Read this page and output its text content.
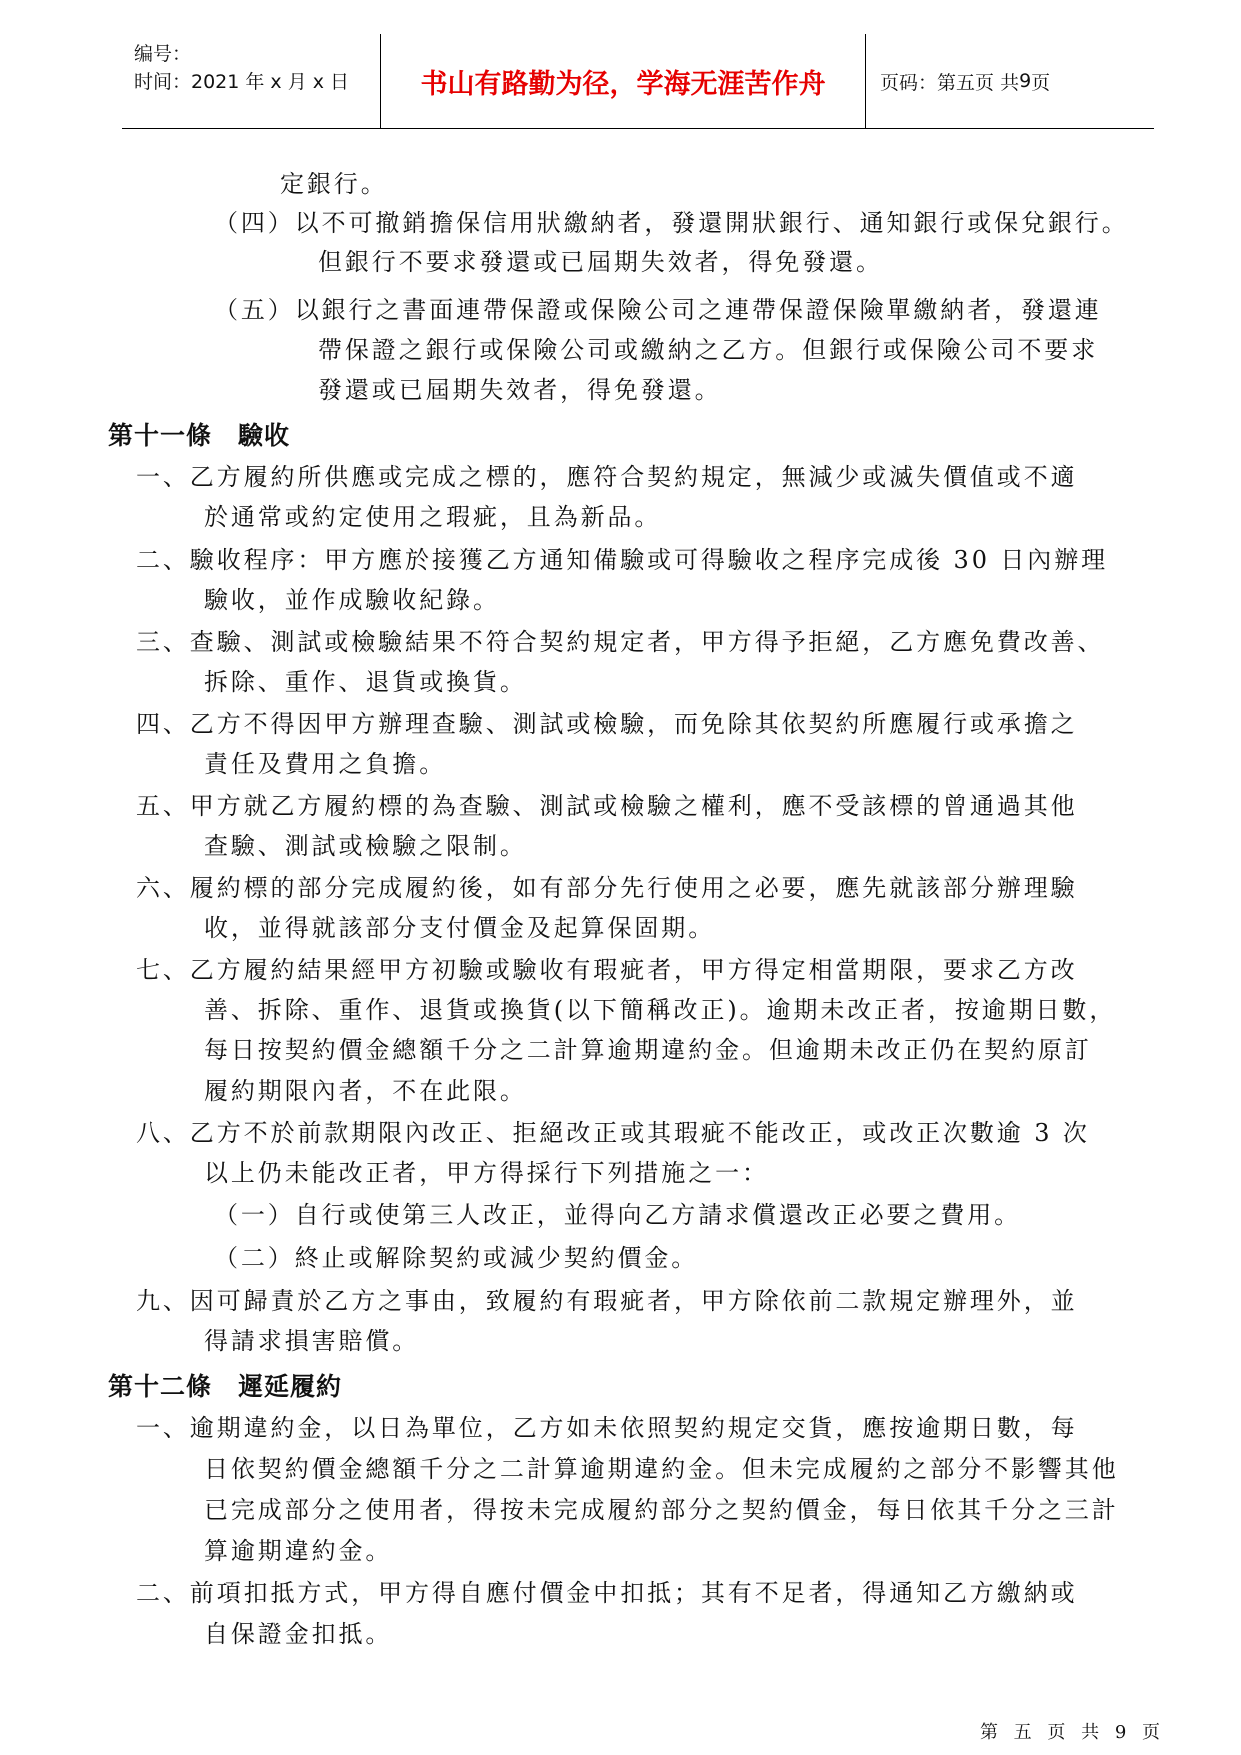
编号：
时间：2021 年 x 月 x 日	书山有路勤为径，学海无涯苦作舟	页码：第 五 页 共 9 页
定銀行。
（四）以不可撤銷擔保信用狀繳納者，發還開狀銀行、通知銀行或保兌銀行。
但銀行不要求發還或已屆期失效者，得免發還。
（五）以銀行之書面連帶保證或保險公司之連帶保證保險單繳納者，發還連
帶保證之銀行或保險公司或繳納之乙方。但銀行或保險公司不要求
發還或已屆期失效者，得免發還。
第十一條　驗收
一、乙方履約所供應或完成之標的，應符合契約規定，無減少或滅失價值或不適
於通常或約定使用之瑕疵，且為新品。
二、驗收程序：甲方應於接獲乙方通知備驗或可得驗收之程序完成後 30 日內辦理
驗收，並作成驗收紀錄。
三、查驗、測試或檢驗結果不符合契約規定者，甲方得予拒絕，乙方應免費改善、
拆除、重作、退貨或換貨。
四、乙方不得因甲方辦理查驗、測試或檢驗，而免除其依契約所應履行或承擔之
責任及費用之負擔。
五、甲方就乙方履約標的為查驗、測試或檢驗之權利，應不受該標的曾通過其他
查驗、測試或檢驗之限制。
六、履約標的部分完成履約後，如有部分先行使用之必要，應先就該部分辦理驗
收，並得就該部分支付價金及起算保固期。
七、乙方履約結果經甲方初驗或驗收有瑕疵者，甲方得定相當期限，要求乙方改
善、拆除、重作、退貨或換貨(以下簡稱改正)。逾期未改正者，按逾期日數，
每日按契約價金總額千分之二計算逾期違約金。但逾期未改正仍在契約原訂
履約期限內者，不在此限。
八、乙方不於前款期限內改正、拒絕改正或其瑕疵不能改正，或改正次數逾 3 次
以上仍未能改正者，甲方得採行下列措施之一：
（一）自行或使第三人改正，並得向乙方請求償還改正必要之費用。
（二）終止或解除契約或減少契約價金。
九、因可歸責於乙方之事由，致履約有瑕疵者，甲方除依前二款規定辦理外，並
得請求損害賠償。
第十二條　遲延履約
一、逾期違約金，以日為單位，乙方如未依照契約規定交貨，應按逾期日數，每
日依契約價金總額千分之二計算逾期違約金。但未完成履約之部分不影響其他
已完成部分之使用者，得按未完成履約部分之契約價金，每日依其千分之三計
算逾期違約金。
二、前項扣抵方式，甲方得自應付價金中扣抵；其有不足者，得通知乙方繳納或
自保證金扣抵。
第 五 页 共 9 页
